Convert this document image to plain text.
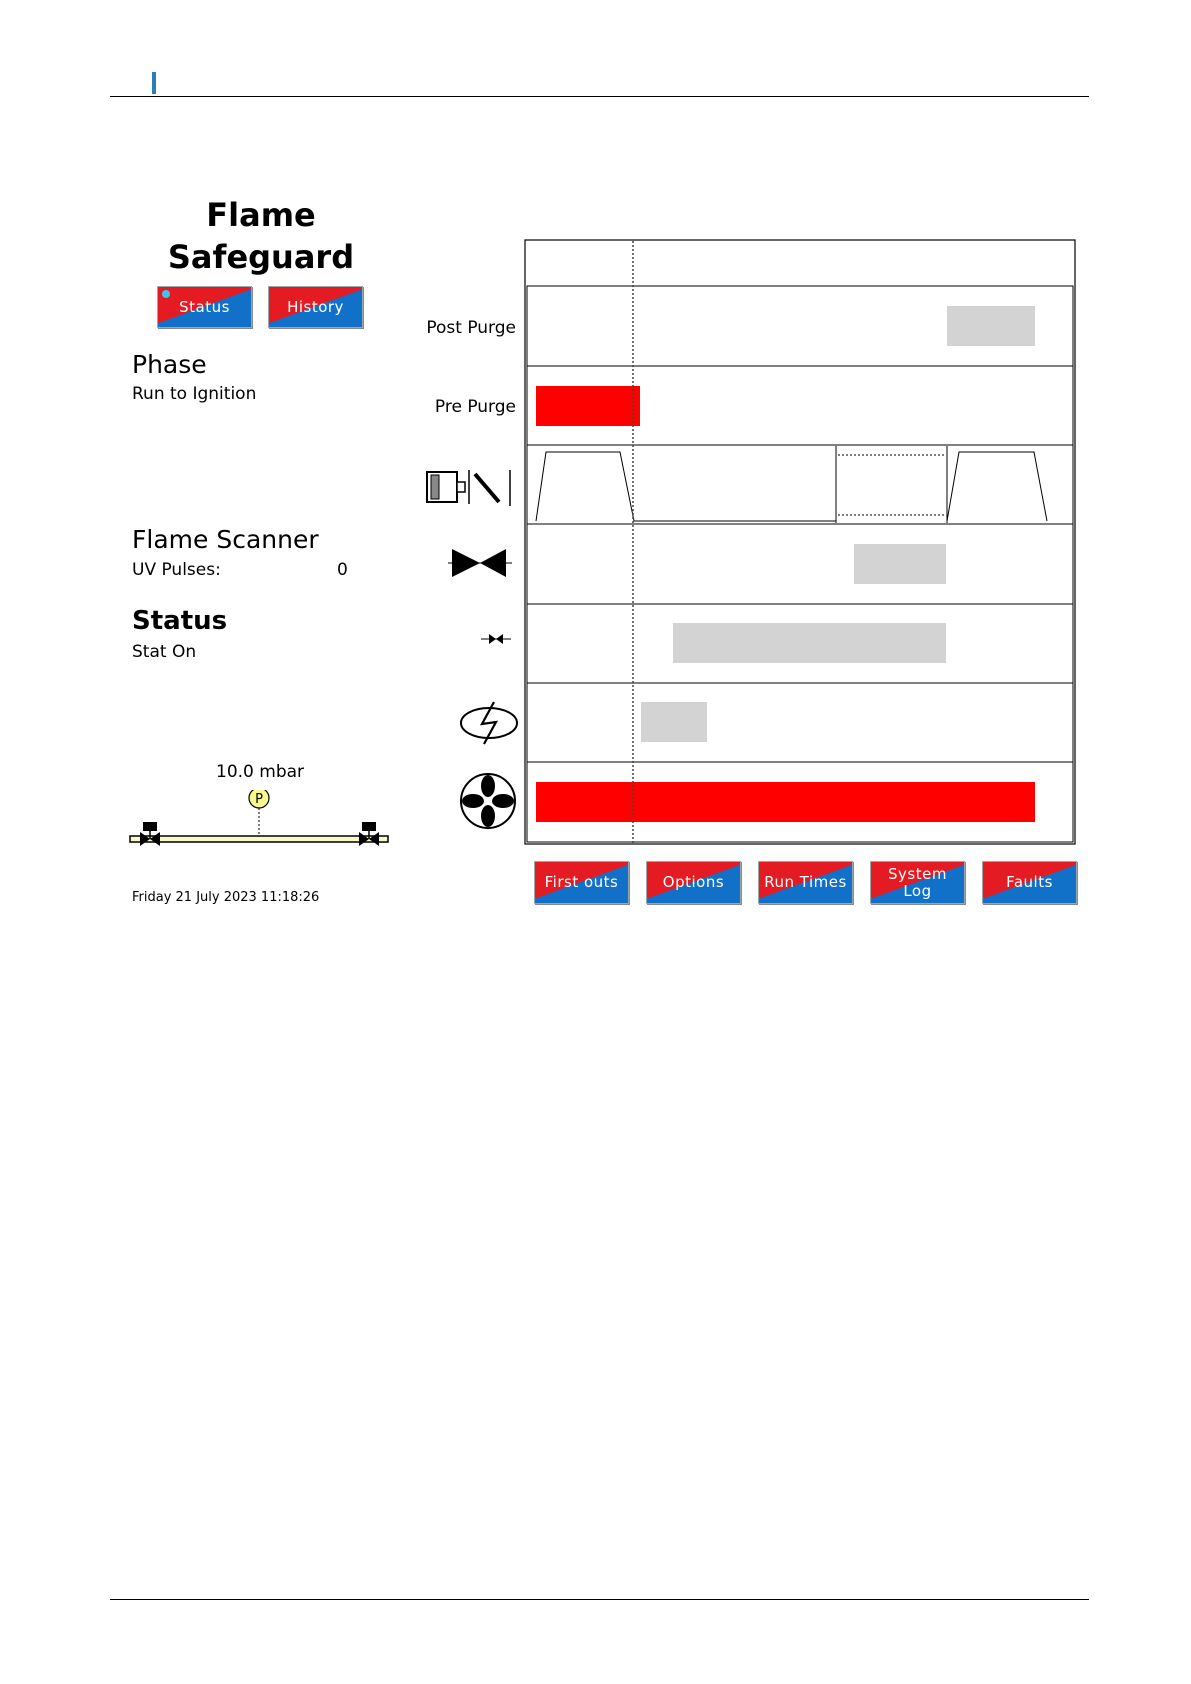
Flame
Safeguard
Status	History
Phase
Run to Ignition
Flame Scanner
UV Pulses:	0
Status
Stat On
10.0 mbar
P
Friday 21 July 2023 11:18:26
Post Purge
Pre Purge
First outs	Options	Run Times	System
Log	Faults
